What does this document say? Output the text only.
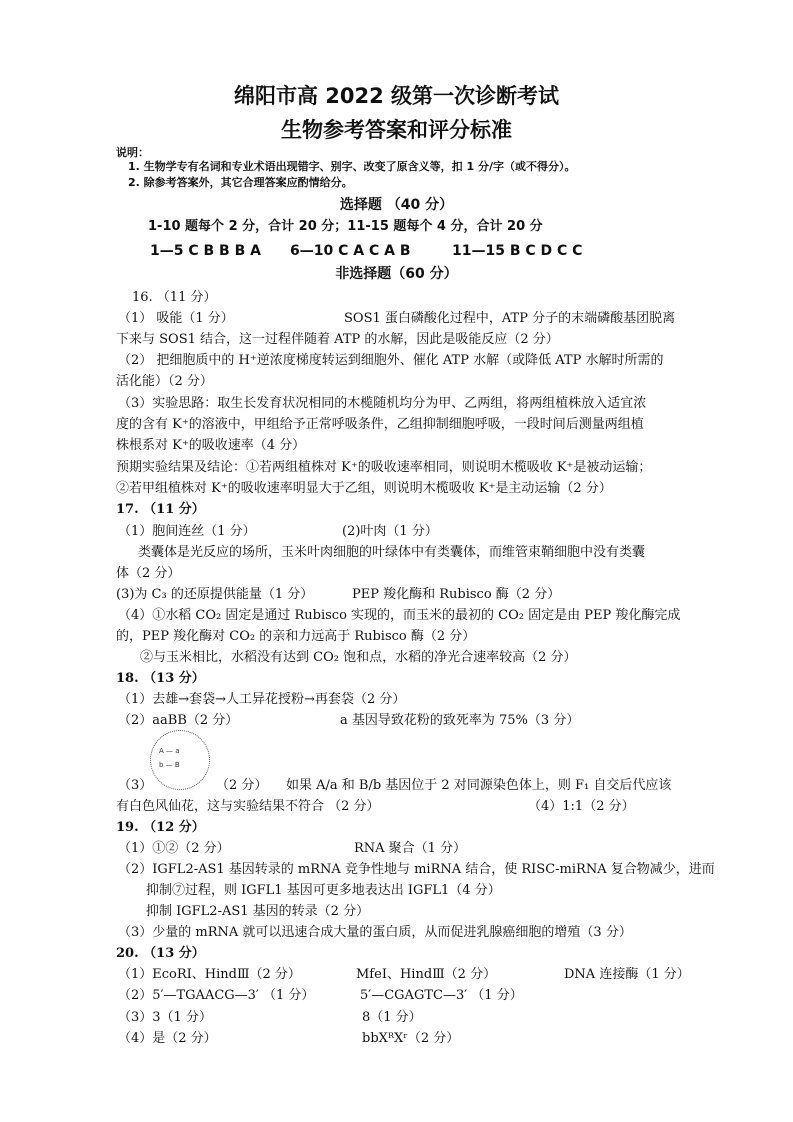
绵阳市高 2022 级第一次诊断考试
生物参考答案和评分标准
说明：
1. 生物学专有名词和专业术语出现错字、别字、改变了原含义等，扣 1 分/字（或不得分）。
2. 除参考答案外，其它合理答案应酌情给分。
选择题 （40 分）
1-10 题每个 2 分，合计 20 分；11-15 题每个 4 分，合计 20 分
1—5 C B B B A 6—10 C A C A B	11—15 B C D C C
非选择题（60 分）
16. （11 分）
（1） 吸能（1 分）	SOS1 蛋白磷酸化过程中，ATP 分子的末端磷酸基团脱离
下来与 SOS1 结合，这一过程伴随着 ATP 的水解，因此是吸能反应（2 分）
（2） 把细胞质中的 H⁺逆浓度梯度转运到细胞外、催化 ATP 水解（或降低 ATP 水解时所需的
活化能）（2 分）
（3）实验思路：取生长发育状况相同的木榄随机均分为甲、乙两组，将两组植株放入适宜浓
度的含有 K⁺的溶液中，甲组给予正常呼吸条件，乙组抑制细胞呼吸，一段时间后测量两组植
株根系对 K⁺的吸收速率（4 分）
预期实验结果及结论：①若两组植株对 K⁺的吸收速率相同，则说明木榄吸收 K⁺是被动运输；
②若甲组植株对 K⁺的吸收速率明显大于乙组，则说明木榄吸收 K⁺是主动运输（2 分）
17. （11 分）
（1）胞间连丝（1 分）	(2)叶肉（1 分）
类囊体是光反应的场所，玉米叶肉细胞的叶绿体中有类囊体，而维管束鞘细胞中没有类囊
体（2 分）
(3)为 C₃ 的还原提供能量（1 分）	PEP 羧化酶和 Rubisco 酶（2 分）
（4）①水稻 CO₂ 固定是通过 Rubisco 实现的，而玉米的最初的 CO₂ 固定是由 PEP 羧化酶完成
的，PEP 羧化酶对 CO₂ 的亲和力远高于 Rubisco 酶（2 分）
②与玉米相比，水稻没有达到 CO₂ 饱和点，水稻的净光合速率较高（2 分）
18. （13 分）
（1）去雄→套袋→人工异花授粉→再套袋（2 分）
（2）aaBB（2 分）	a 基因导致花粉的致死率为 75%（3 分）
A — a
b — B
（3）	（2 分） 如果 A/a 和 B/b 基因位于 2 对同源染色体上，则 F₁ 自交后代应该
有白色风仙花，这与实验结果不符合 （2 分）	（4）1:1（2 分）
19. （12 分）
（1）①②（2 分）	RNA 聚合（1 分）
（2）IGFL2-AS1 基因转录的 mRNA 竞争性地与 miRNA 结合，使 RISC-miRNA 复合物减少，进而
抑制⑦过程，则 IGFL1 基因可更多地表达出 IGFL1（4 分）
抑制 IGFL2-AS1 基因的转录（2 分）
（3）少量的 mRNA 就可以迅速合成大量的蛋白质，从而促进乳腺癌细胞的增殖（3 分）
20. （13 分）
（1）EcoRI、HindⅢ（2 分）	MfeI、HindⅢ（2 分）	DNA 连接酶（1 分）
（2）5′—TGAACG—3′ （1 分）	5′—CGAGTC—3′ （1 分）
（3）3（1 分）	8（1 分）
（4）是（2 分）	bbXᴿXʳ（2 分）
